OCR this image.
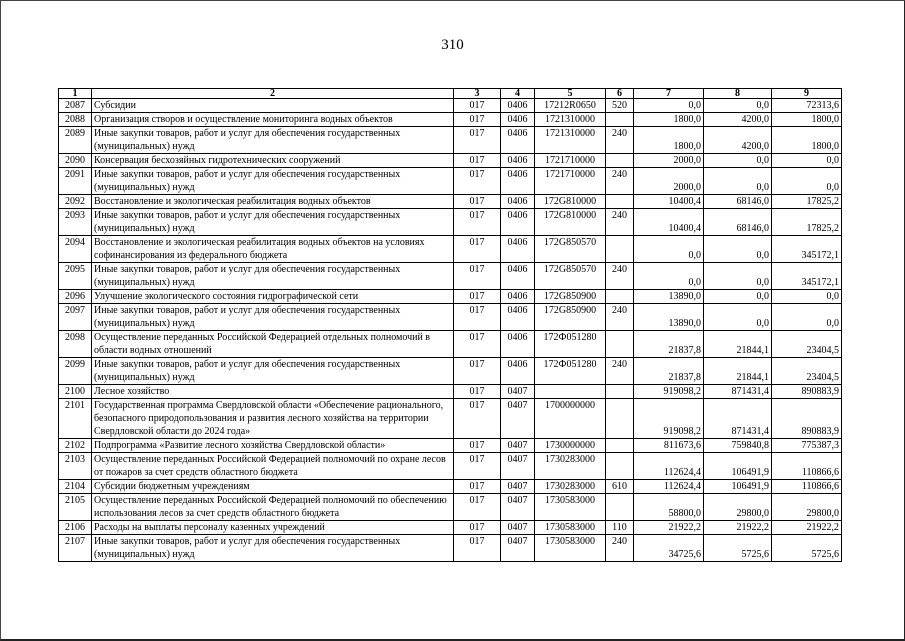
310
1	2	3	4	5	6	7	8	9
2087	Субсидии	017	0406	17212R0650	520	0,0	0,0	72313,6
2088	Организация створов и осуществление мониторинга водных объектов	017	0406	1721310000		1800,0	4200,0	1800,0
2089	Иные закупки товаров, работ и услуг для обеспечения государственных (муниципальных) нужд	017	0406	1721310000	240	1800,0	4200,0	1800,0
2090	Консервация бесхозяйных гидротехнических сооружений	017	0406	1721710000		2000,0	0,0	0,0
2091	Иные закупки товаров, работ и услуг для обеспечения государственных (муниципальных) нужд	017	0406	1721710000	240	2000,0	0,0	0,0
2092	Восстановление и экологическая реабилитация водных объектов	017	0406	172G810000		10400,4	68146,0	17825,2
2093	Иные закупки товаров, работ и услуг для обеспечения государственных (муниципальных) нужд	017	0406	172G810000	240	10400,4	68146,0	17825,2
2094	Восстановление и экологическая реабилитация водных объектов на условиях софинансирования из федерального бюджета	017	0406	172G850570		0,0	0,0	345172,1
2095	Иные закупки товаров, работ и услуг для обеспечения государственных (муниципальных) нужд	017	0406	172G850570	240	0,0	0,0	345172,1
2096	Улучшение экологического состояния гидрографической сети	017	0406	172G850900		13890,0	0,0	0,0
2097	Иные закупки товаров, работ и услуг для обеспечения государственных (муниципальных) нужд	017	0406	172G850900	240	13890,0	0,0	0,0
2098	Осуществление переданных Российской Федерацией отдельных полномочий в области водных отношений	017	0406	172Ф051280		21837,8	21844,1	23404,5
2099	Иные закупки товаров, работ и услуг для обеспечения государственных (муниципальных) нужд	017	0406	172Ф051280	240	21837,8	21844,1	23404,5
2100	Лесное хозяйство	017	0407			919098,2	871431,4	890883,9
2101	Государственная программа Свердловской области «Обеспечение рационального, безопасного природопользования и развития лесного хозяйства на территории Свердловской области до 2024 года»	017	0407	1700000000		919098,2	871431,4	890883,9
2102	Подпрограмма «Развитие лесного хозяйства Свердловской области»	017	0407	1730000000		811673,6	759840,8	775387,3
2103	Осуществление переданных Российской Федерацией полномочий по охране лесов от пожаров за счет средств областного бюджета	017	0407	1730283000		112624,4	106491,9	110866,6
2104	Субсидии бюджетным учреждениям	017	0407	1730283000	610	112624,4	106491,9	110866,6
2105	Осуществление переданных Российской Федерацией полномочий по обеспечению использования лесов за счет средств областного бюджета	017	0407	1730583000		58800,0	29800,0	29800,0
2106	Расходы на выплаты персоналу казенных учреждений	017	0407	1730583000	110	21922,2	21922,2	21922,2
2107	Иные закупки товаров, работ и услуг для обеспечения государственных (муниципальных) нужд	017	0407	1730583000	240	34725,6	5725,6	5725,6
